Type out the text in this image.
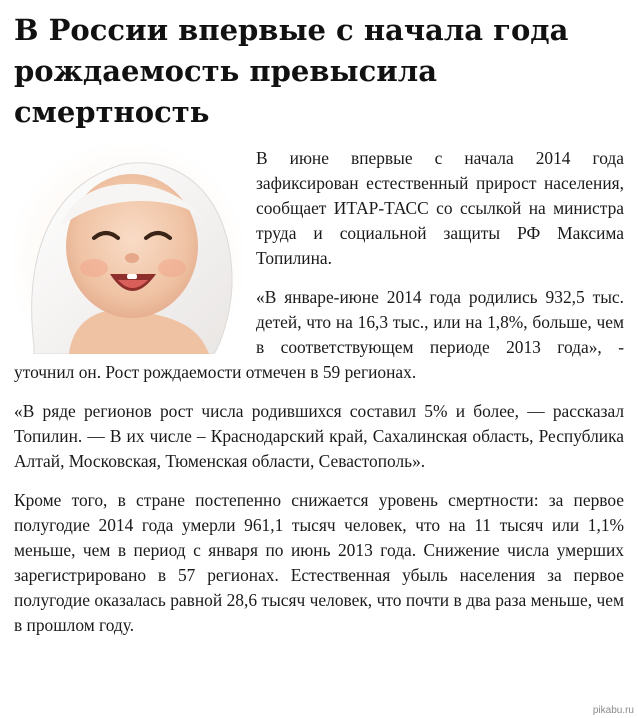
В России впервые с начала года рождаемость превысила смертность

В июне впервые с начала 2014 года зафиксирован естественный прирост населения, сообщает ИТАР-ТАСС со ссылкой на министра труда и социальной защиты РФ Максима Топилина.

«В январе-июне 2014 года родились 932,5 тыс. детей, что на 16,3 тыс., или на 1,8%, больше, чем в соответствующем периоде 2013 года», - уточнил он. Рост рождаемости отмечен в 59 регионах.

«В ряде регионов рост числа родившихся составил 5% и более, — рассказал Топилин. — В их числе – Краснодарский край, Сахалинская область, Республика Алтай, Московская, Тюменская области, Севастополь».

Кроме того, в стране постепенно снижается уровень смертности: за первое полугодие 2014 года умерли 961,1 тысяч человек, что на 11 тысяч или 1,1% меньше, чем в период с января по июнь 2013 года. Снижение числа умерших зарегистрировано в 57 регионах. Естественная убыль населения за первое полугодие оказалась равной 28,6 тысяч человек, что почти в два раза меньше, чем в прошлом году.

pikabu.ru
